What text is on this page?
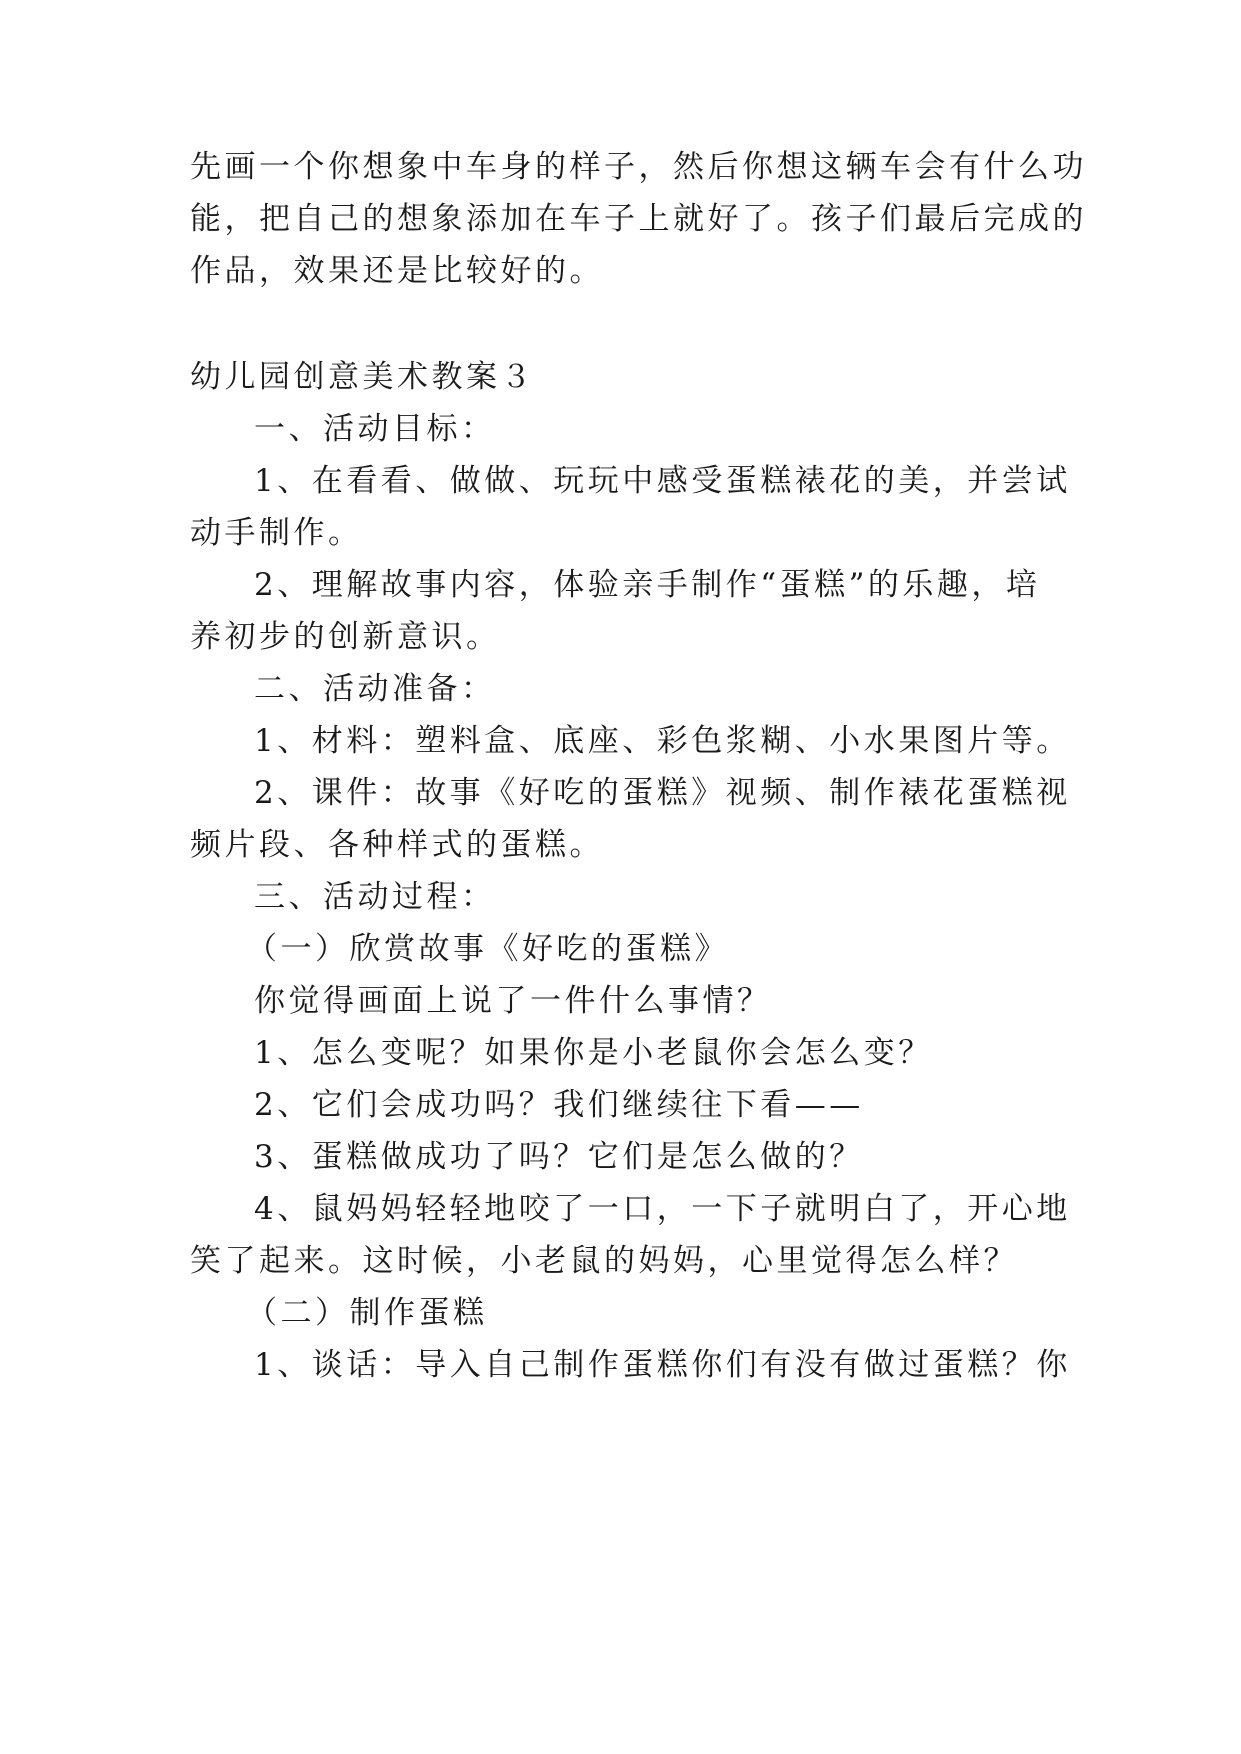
先画一个你想象中车身的样子，然后你想这辆车会有什么功

能，把自己的想象添加在车子上就好了。孩子们最后完成的

作品，效果还是比较好的。

幼儿园创意美术教案３

一、活动目标：

1、在看看、做做、玩玩中感受蛋糕裱花的美，并尝试

动手制作。

2、理解故事内容，体验亲手制作“蛋糕”的乐趣，培

养初步的创新意识。

二、活动准备：

1、材料：塑料盒、底座、彩色浆糊、小水果图片等。

2、课件：故事《好吃的蛋糕》视频、制作裱花蛋糕视

频片段、各种样式的蛋糕。

三、活动过程：

（一）欣赏故事《好吃的蛋糕》

你觉得画面上说了一件什么事情？

1、怎么变呢？如果你是小老鼠你会怎么变？

2、它们会成功吗？我们继续往下看——

3、蛋糕做成功了吗？它们是怎么做的？

4、鼠妈妈轻轻地咬了一口，一下子就明白了，开心地

笑了起来。这时候，小老鼠的妈妈，心里觉得怎么样？

（二）制作蛋糕

1、谈话：导入自己制作蛋糕你们有没有做过蛋糕？你
